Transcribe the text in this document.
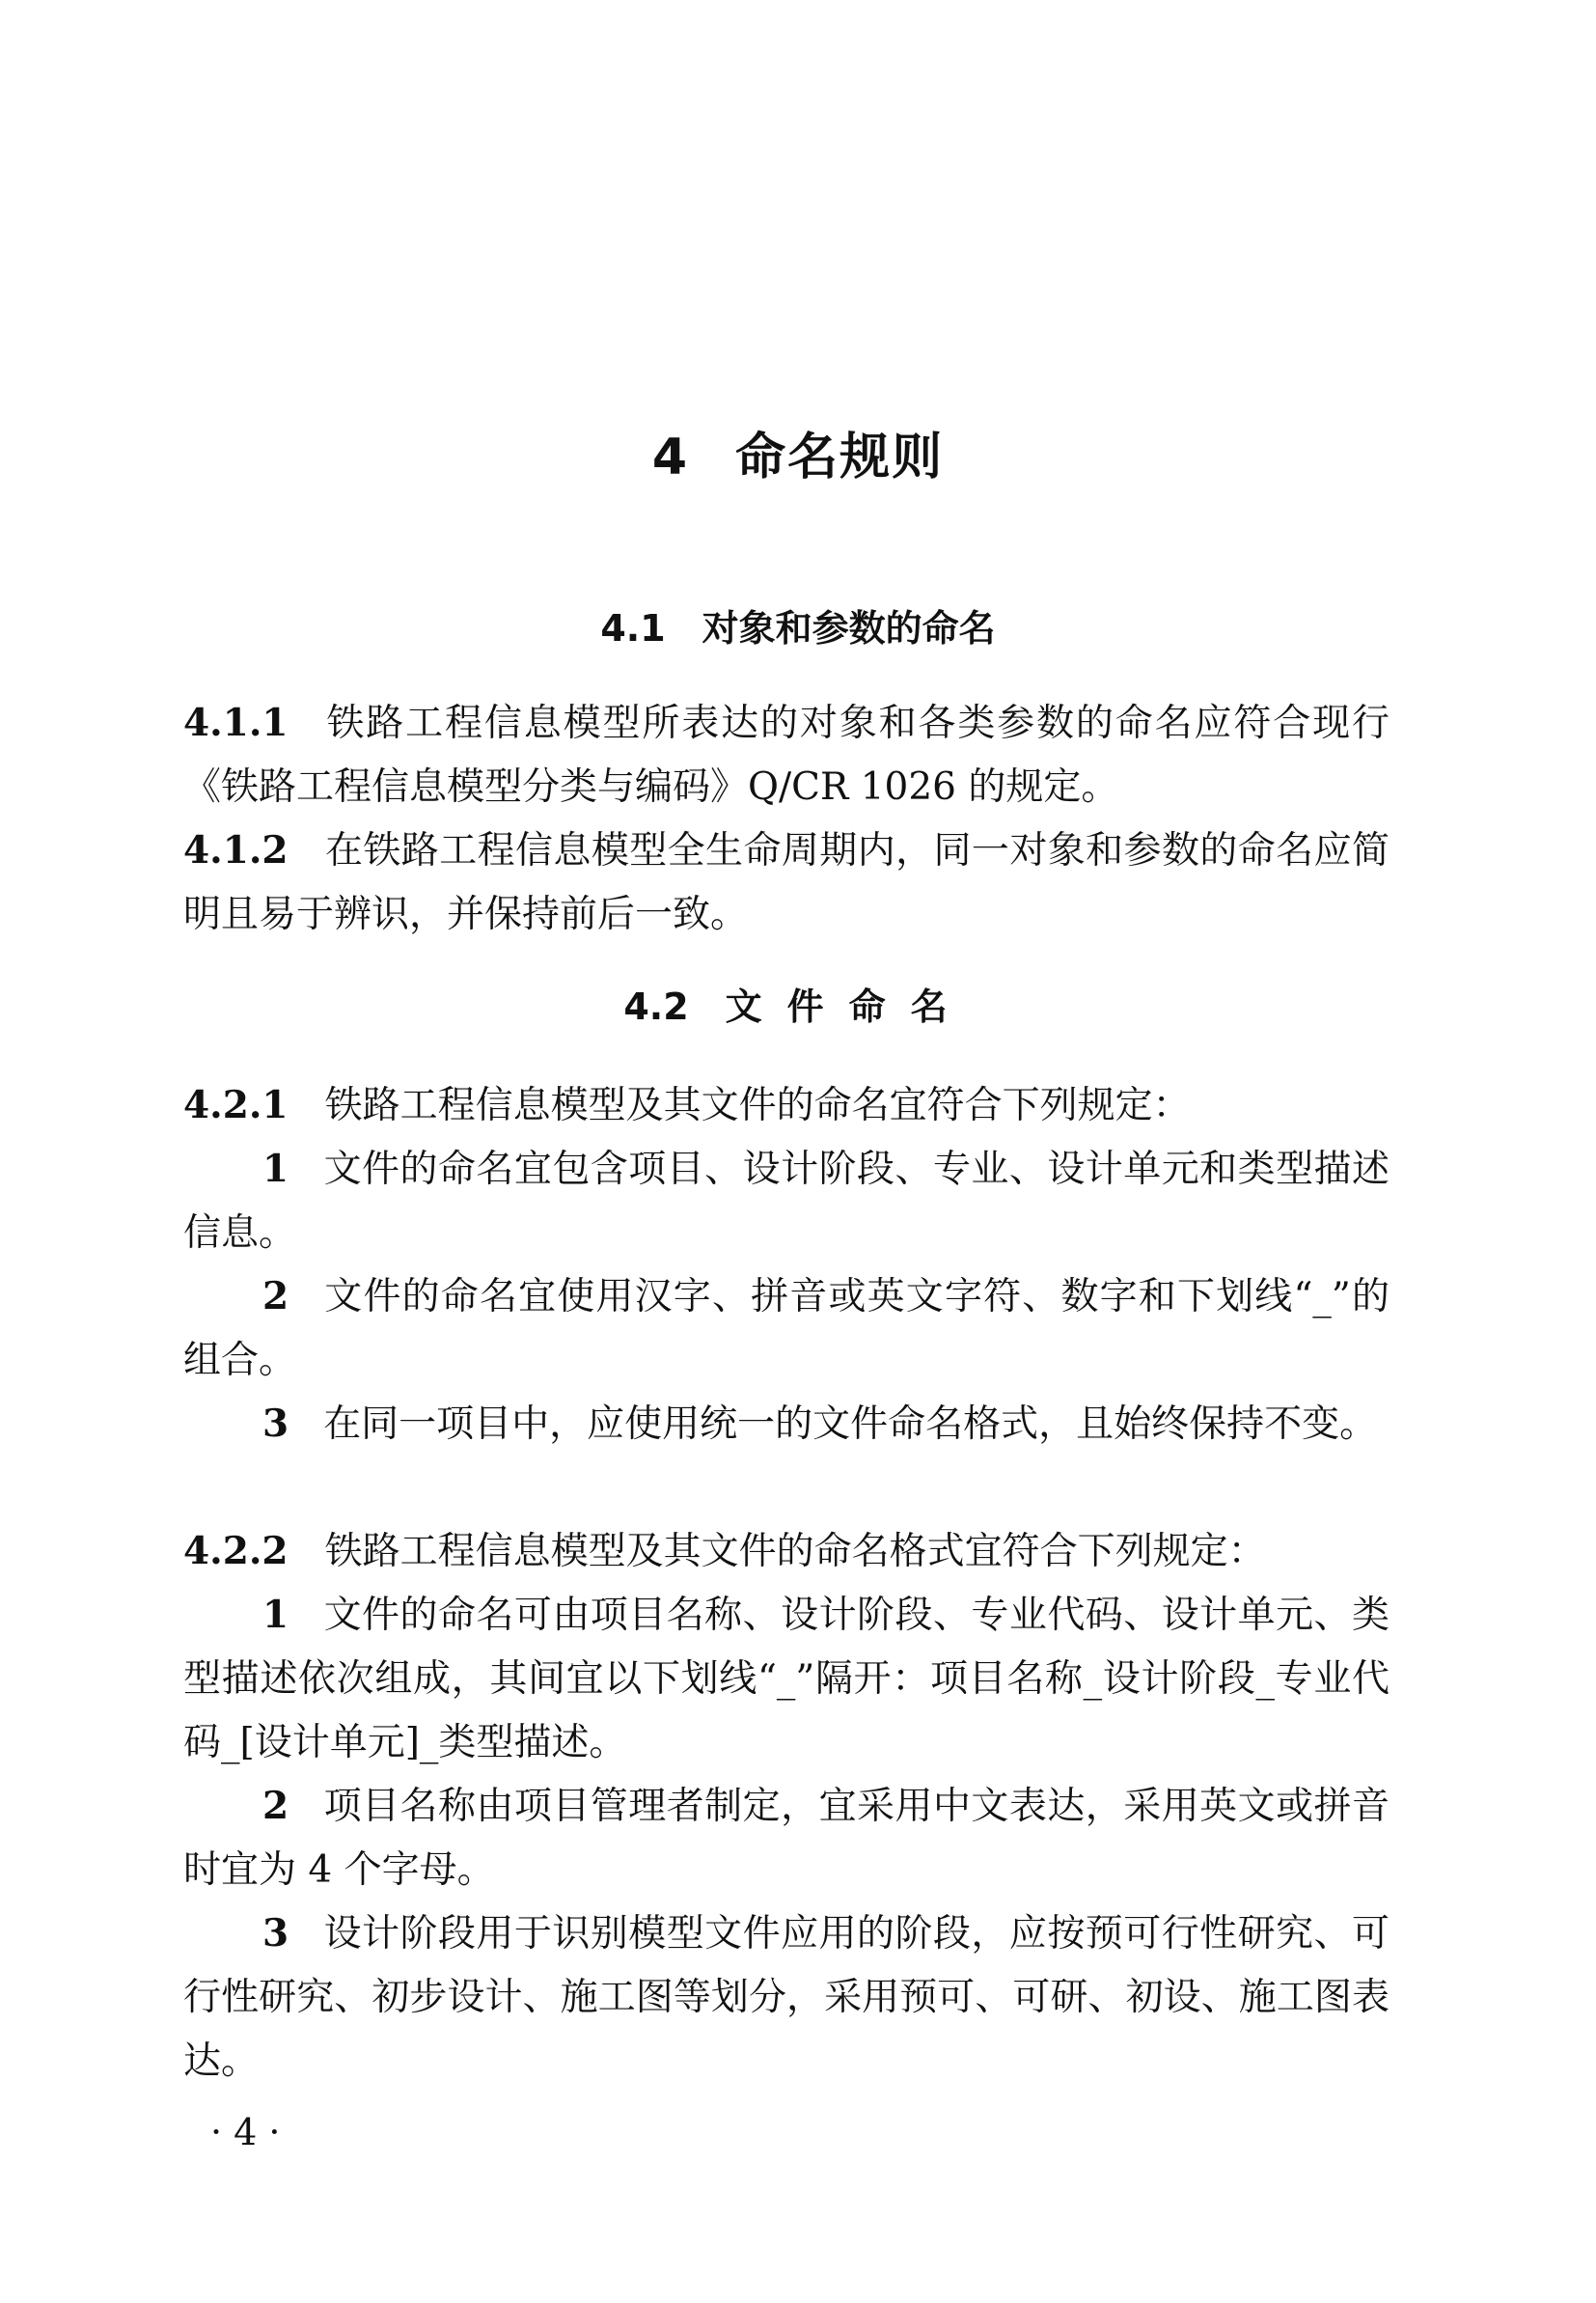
4 命名规则
4.1 对象和参数的命名
4.1.1 铁路工程信息模型所表达的对象和各类参数的命名应符合现行《铁路工程信息模型分类与编码》Q/CR 1026 的规定。
4.1.2 在铁路工程信息模型全生命周期内，同一对象和参数的命名应简明且易于辨识，并保持前后一致。
4.2 文件命名
4.2.1 铁路工程信息模型及其文件的命名宜符合下列规定：
1 文件的命名宜包含项目、设计阶段、专业、设计单元和类型描述信息。
2 文件的命名宜使用汉字、拼音或英文字符、数字和下划线“_”的组合。
3 在同一项目中，应使用统一的文件命名格式，且始终保持不变。
4.2.2 铁路工程信息模型及其文件的命名格式宜符合下列规定：
1 文件的命名可由项目名称、设计阶段、专业代码、设计单元、类型描述依次组成，其间宜以下划线“_”隔开：项目名称_设计阶段_专业代码_[设计单元]_类型描述。
2 项目名称由项目管理者制定，宜采用中文表达，采用英文或拼音时宜为 4 个字母。
3 设计阶段用于识别模型文件应用的阶段，应按预可行性研究、可行性研究、初步设计、施工图等划分，采用预可、可研、初设、施工图表达。
· 4 ·
